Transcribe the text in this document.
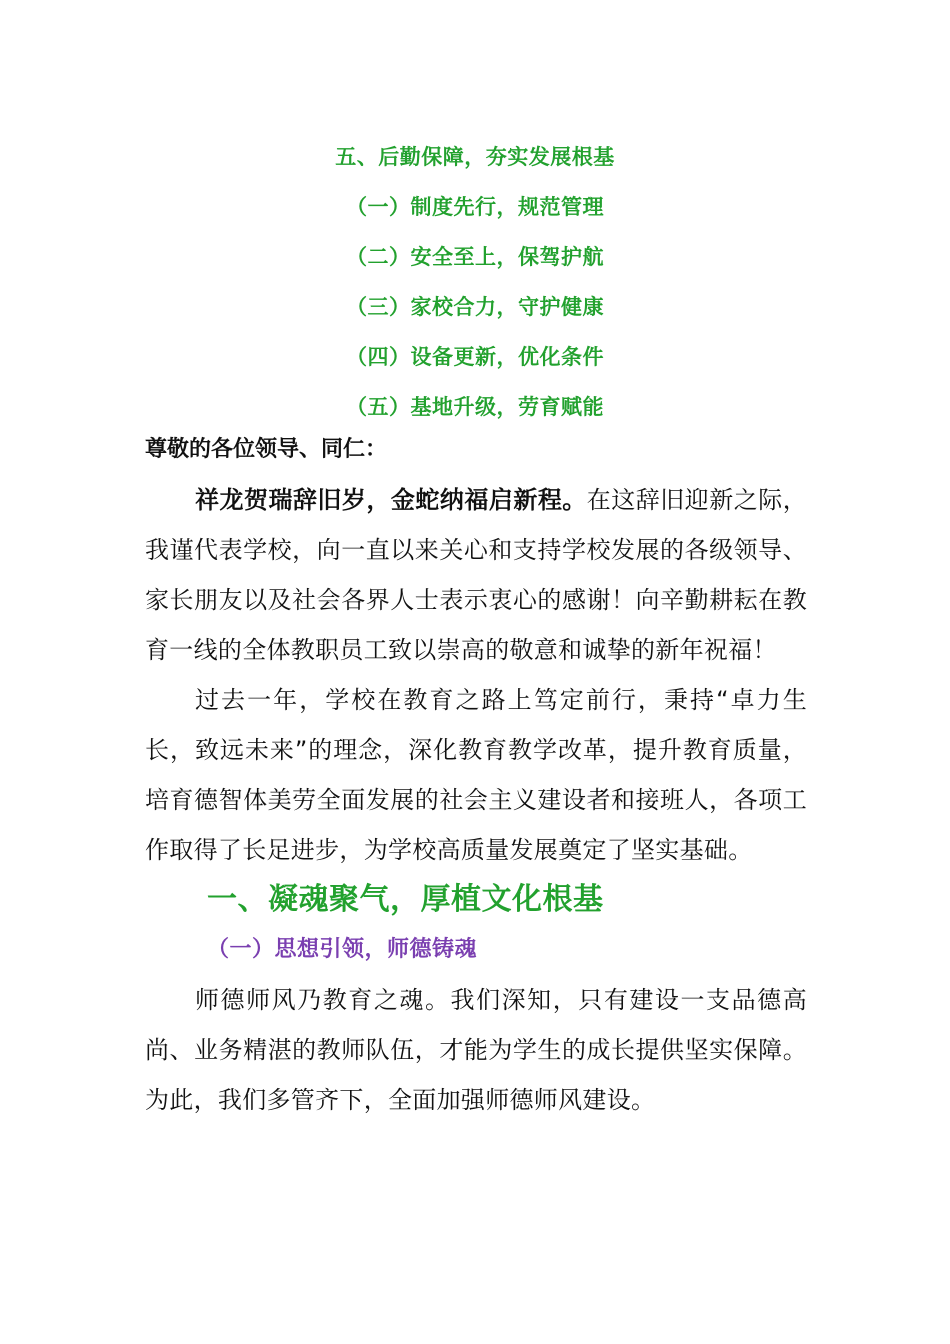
五、后勤保障，夯实发展根基
（一）制度先行，规范管理
（二）安全至上，保驾护航
（三）家校合力，守护健康
（四）设备更新，优化条件
（五）基地升级，劳育赋能
尊敬的各位领导、同仁：

祥龙贺瑞辞旧岁，金蛇纳福启新程。在这辞旧迎新之际，我谨代表学校，向一直以来关心和支持学校发展的各级领导、家长朋友以及社会各界人士表示衷心的感谢！向辛勤耕耘在教育一线的全体教职员工致以崇高的敬意和诚挚的新年祝福！

过去一年，学校在教育之路上笃定前行，秉持“卓力生长，致远未来”的理念，深化教育教学改革，提升教育质量，培育德智体美劳全面发展的社会主义建设者和接班人，各项工作取得了长足进步，为学校高质量发展奠定了坚实基础。

一、凝魂聚气，厚植文化根基
（一）思想引领，师德铸魂

师德师风乃教育之魂。我们深知，只有建设一支品德高尚、业务精湛的教师队伍，才能为学生的成长提供坚实保障。为此，我们多管齐下，全面加强师德师风建设。
